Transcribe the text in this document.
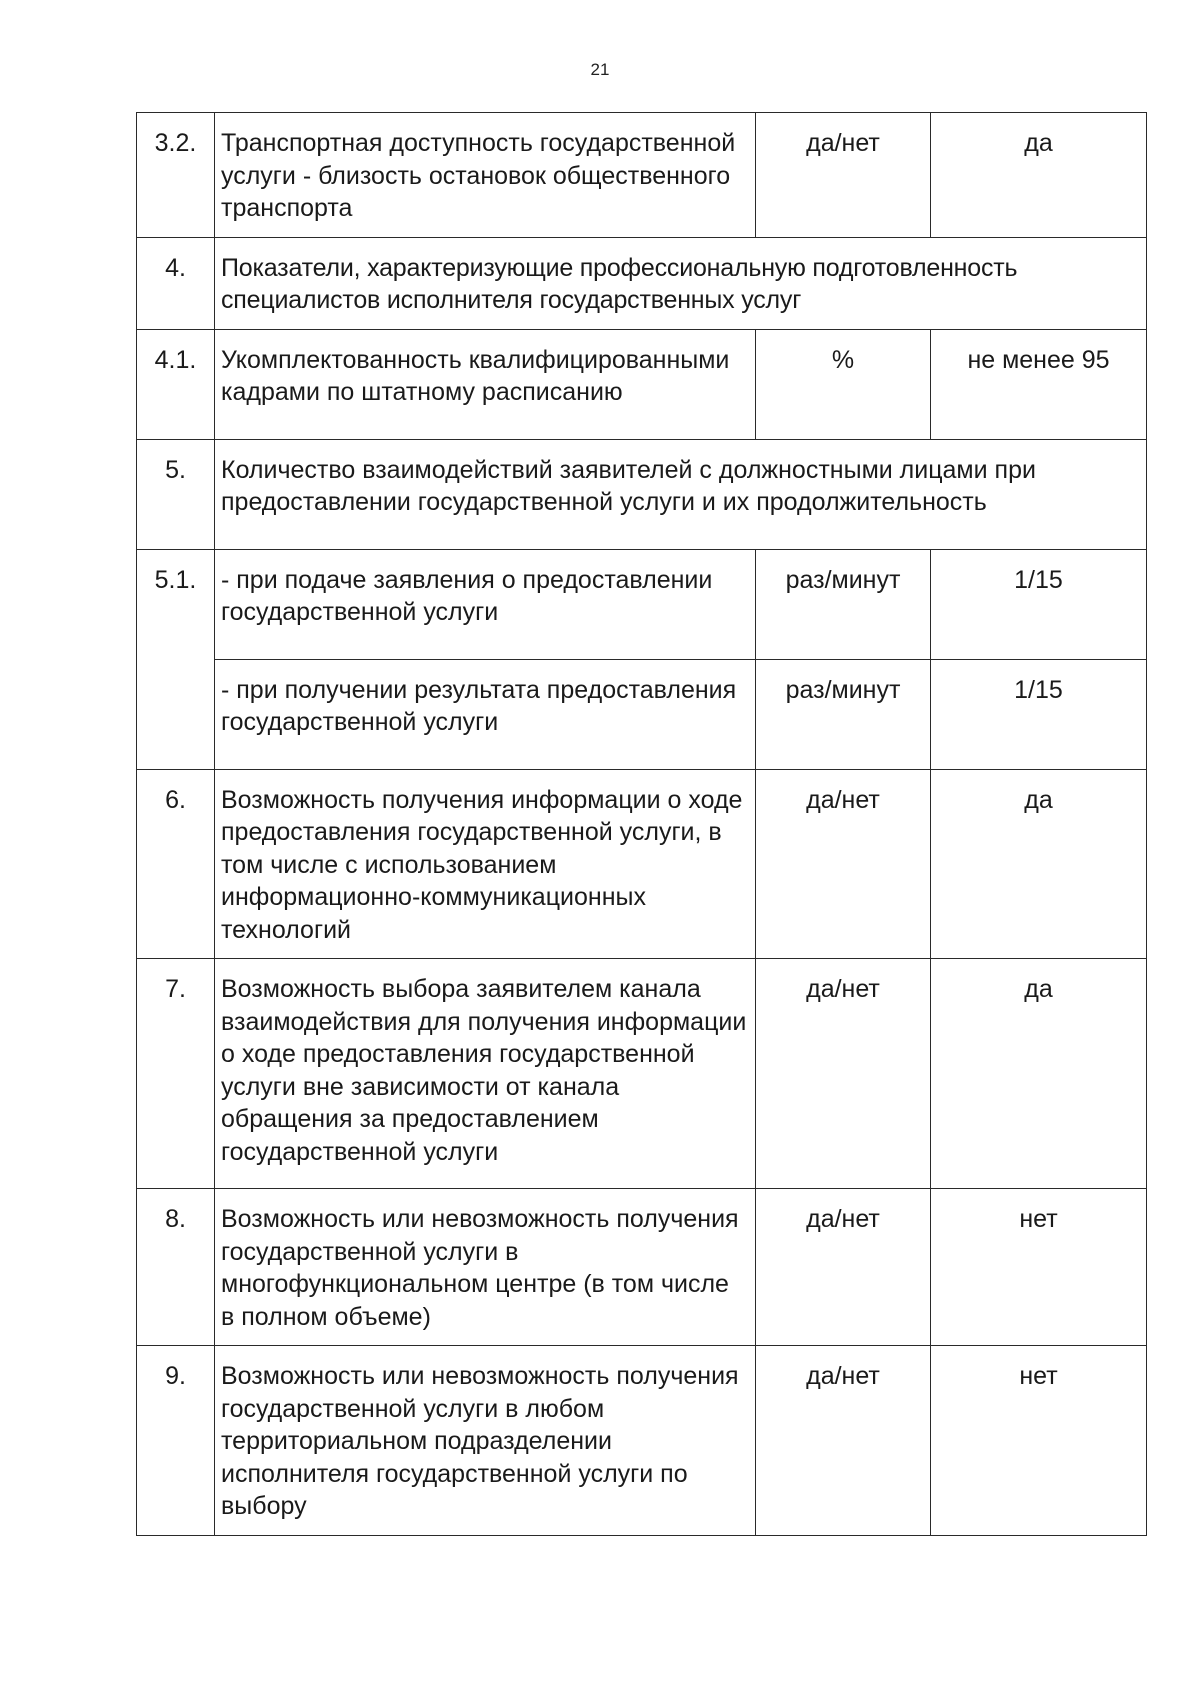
21
3.2.	Транспортная доступность государственной услуги - близость остановок общественного транспорта	да/нет	да
4.	Показатели, характеризующие профессиональную подготовленность специалистов исполнителя государственных услуг		
4.1.	Укомплектованность квалифицированными кадрами по штатному расписанию	%	не менее 95
5.	Количество взаимодействий заявителей с должностными лицами при предоставлении государственной услуги и их продолжительность		
5.1.	- при подаче заявления о предоставлении государственной услуги	раз/минут	1/15
	- при получении результата предоставления государственной услуги	раз/минут	1/15
6.	Возможность получения информации о ходе предоставления государственной услуги, в том числе с использованием информационно-коммуникационных технологий	да/нет	да
7.	Возможность выбора заявителем канала взаимодействия для получения информации о ходе предоставления государственной услуги вне зависимости от канала обращения за предоставлением государственной услуги	да/нет	да
8.	Возможность или невозможность получения государственной услуги в многофункциональном центре (в том числе в полном объеме)	да/нет	нет
9.	Возможность или невозможность получения государственной услуги в любом территориальном подразделении исполнителя государственной услуги по выбору	да/нет	нет
